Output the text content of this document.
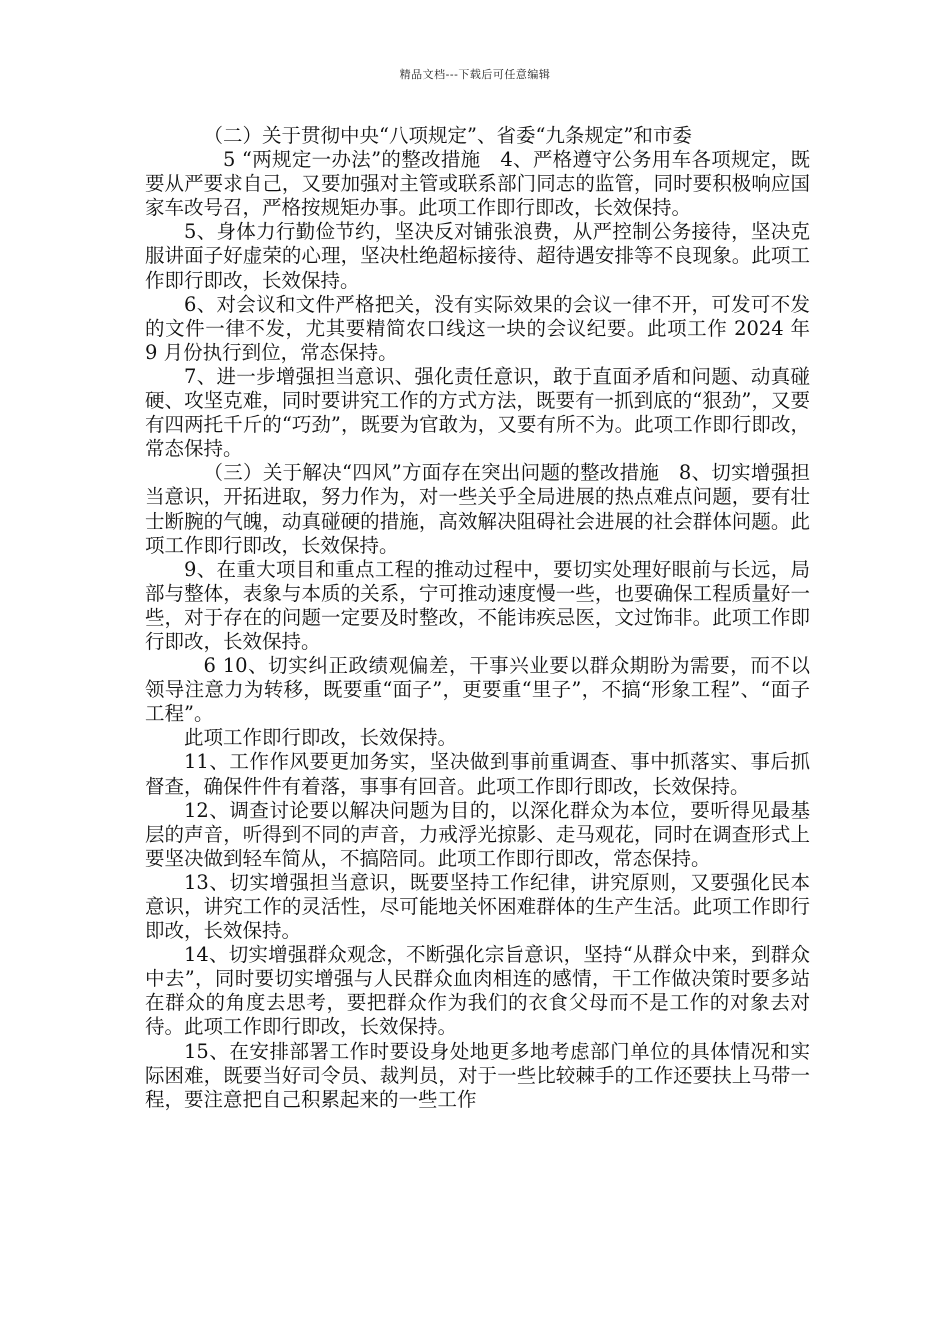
精品文档---下载后可任意编辑

（二）关于贯彻中央“八项规定”、省委“九条规定”和市委

5 “两规定一办法”的整改措施　4、严格遵守公务用车各项规定，既要从严要求自己，又要加强对主管或联系部门同志的监管，同时要积极响应国家车改号召，严格按规矩办事。此项工作即行即改，长效保持。

5、身体力行勤俭节约，坚决反对铺张浪费，从严控制公务接待，坚决克服讲面子好虚荣的心理，坚决杜绝超标接待、超待遇安排等不良现象。此项工作即行即改，长效保持。

6、对会议和文件严格把关，没有实际效果的会议一律不开，可发可不发的文件一律不发，尤其要精简农口线这一块的会议纪要。此项工作 2024 年 9 月份执行到位，常态保持。

7、进一步增强担当意识、强化责任意识，敢于直面矛盾和问题、动真碰硬、攻坚克难，同时要讲究工作的方式方法，既要有一抓到底的“狠劲”，又要有四两托千斤的“巧劲”，既要为官敢为，又要有所不为。此项工作即行即改，常态保持。

（三）关于解决“四风”方面存在突出问题的整改措施　8、切实增强担当意识，开拓进取，努力作为，对一些关乎全局进展的热点难点问题，要有壮士断腕的气魄，动真碰硬的措施，高效解决阻碍社会进展的社会群体问题。此项工作即行即改，长效保持。

9、在重大项目和重点工程的推动过程中，要切实处理好眼前与长远，局部与整体，表象与本质的关系，宁可推动速度慢一些，也要确保工程质量好一些，对于存在的问题一定要及时整改，不能讳疾忌医，文过饰非。此项工作即行即改，长效保持。

6 10、切实纠正政绩观偏差，干事兴业要以群众期盼为需要，而不以领导注意力为转移，既要重“面子”，更要重“里子”，不搞“形象工程”、“面子工程”。

此项工作即行即改，长效保持。

11、工作作风要更加务实，坚决做到事前重调查、事中抓落实、事后抓督查，确保件件有着落，事事有回音。此项工作即行即改，长效保持。

12、调查讨论要以解决问题为目的，以深化群众为本位，要听得见最基层的声音，听得到不同的声音，力戒浮光掠影、走马观花，同时在调查形式上要坚决做到轻车简从，不搞陪同。此项工作即行即改，常态保持。

13、切实增强担当意识，既要坚持工作纪律，讲究原则，又要强化民本意识，讲究工作的灵活性，尽可能地关怀困难群体的生产生活。此项工作即行即改，长效保持。

14、切实增强群众观念，不断强化宗旨意识，坚持“从群众中来，到群众中去”，同时要切实增强与人民群众血肉相连的感情，干工作做决策时要多站在群众的角度去思考，要把群众作为我们的衣食父母而不是工作的对象去对待。此项工作即行即改，长效保持。

15、在安排部署工作时要设身处地更多地考虑部门单位的具体情况和实际困难，既要当好司令员、裁判员，对于一些比较棘手的工作还要扶上马带一程，要注意把自己积累起来的一些工作
